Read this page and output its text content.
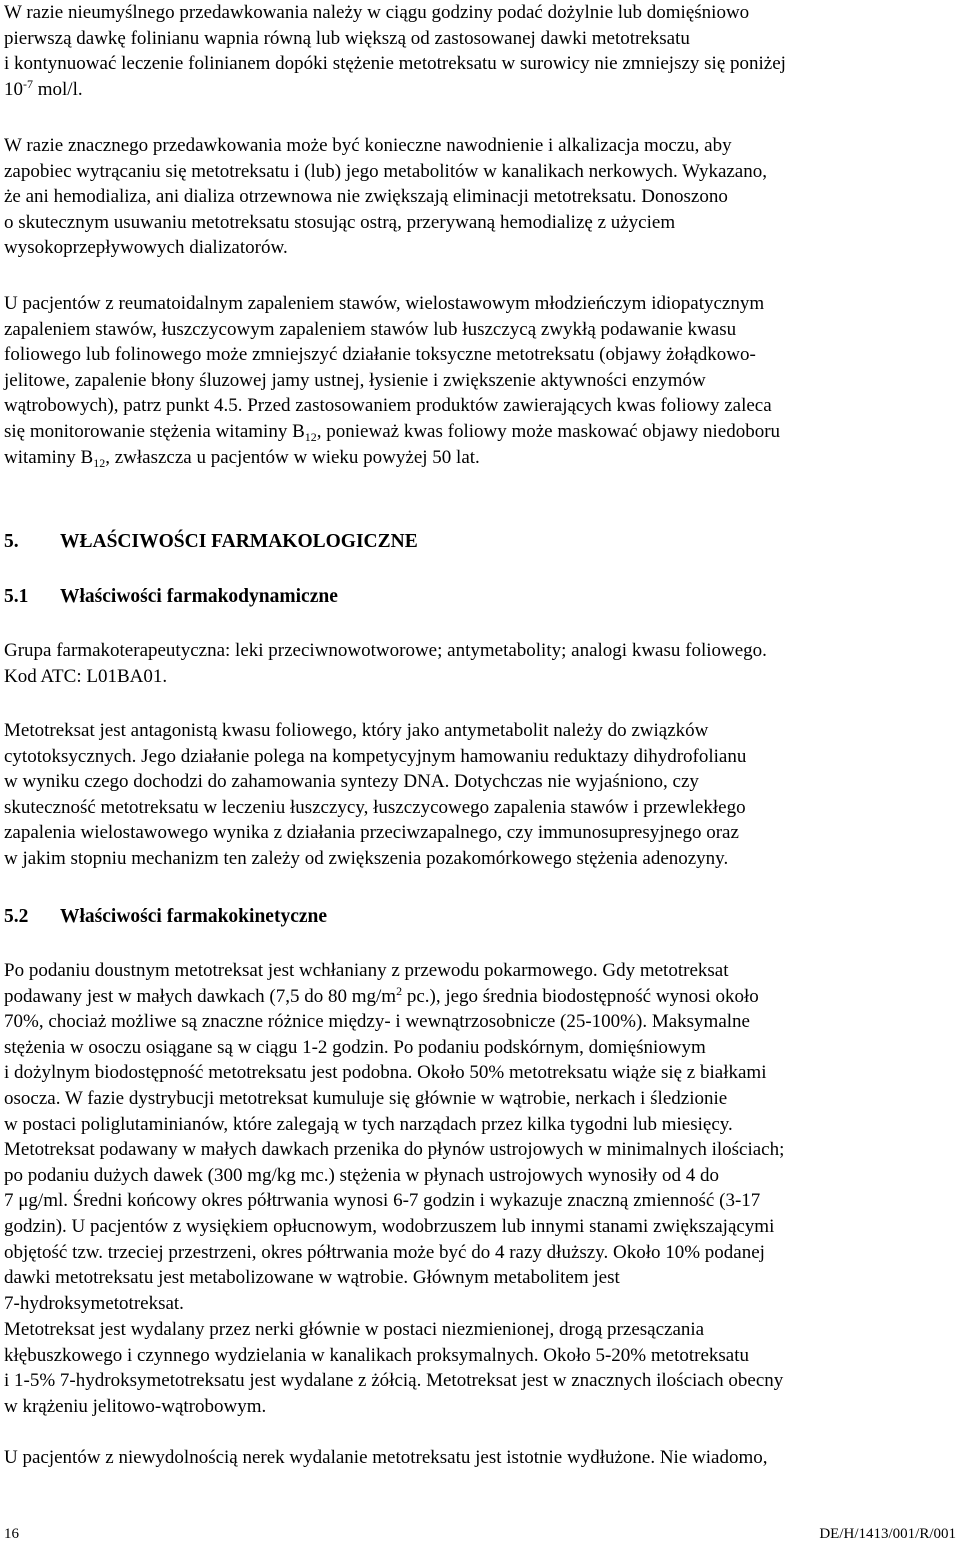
W razie nieumyślnego przedawkowania należy w ciągu godziny podać dożylnie lub domięśniowo
pierwszą dawkę folinianu wapnia równą lub większą od zastosowanej dawki metotreksatu
i kontynuować leczenie folinianem dopóki stężenie metotreksatu w surowicy nie zmniejszy się poniżej
$10^{-7}$ mol/l.
W razie znacznego przedawkowania może być konieczne nawodnienie i alkalizacja moczu, aby
zapobiec wytrącaniu się metotreksatu i (lub) jego metabolitów w kanalikach nerkowych. Wykazano,
że ani hemodializa, ani dializa otrzewnowa nie zwiększają eliminacji metotreksatu. Donoszono
o skutecznym usuwaniu metotreksatu stosując ostrą, przerywaną hemodializę z użyciem
wysokoprzepływowych dializatorów.
U pacjentów z reumatoidalnym zapaleniem stawów, wielostawowym młodzieńczym idiopatycznym
zapaleniem stawów, łuszczycowym zapaleniem stawów lub łuszczycą zwykłą podawanie kwasu
foliowego lub folinowego może zmniejszyć działanie toksyczne metotreksatu (objawy żołądkowo-
jelitowe, zapalenie błony śluzowej jamy ustnej, łysienie i zwiększenie aktywności enzymów
wątrobowych), patrz punkt 4.5. Przed zastosowaniem produktów zawierających kwas foliowy zaleca
się monitorowanie stężenia witaminy $B_{12}$, ponieważ kwas foliowy może maskować objawy niedoboru
witaminy $B_{12}$, zwłaszcza u pacjentów w wieku powyżej 50 lat.
5. WŁAŚCIWOŚCI FARMAKOLOGICZNE
5.1 Właściwości farmakodynamiczne
Grupa farmakoterapeutyczna: leki przeciwnowotworowe; antymetabolity; analogi kwasu foliowego.
Kod ATC: L01BA01.
Metotreksat jest antagonistą kwasu foliowego, który jako antymetabolit należy do związków
cytotoksycznych. Jego działanie polega na kompetycyjnym hamowaniu reduktazy dihydrofolianu
w wyniku czego dochodzi do zahamowania syntezy DNA. Dotychczas nie wyjaśniono, czy
skuteczność metotreksatu w leczeniu łuszczycy, łuszczycowego zapalenia stawów i przewlekłego
zapalenia wielostawowego wynika z działania przeciwzapalnego, czy immunosupresyjnego oraz
w jakim stopniu mechanizm ten zależy od zwiększenia pozakomórkowego stężenia adenozyny.
5.2 Właściwości farmakokinetyczne
Po podaniu doustnym metotreksat jest wchłaniany z przewodu pokarmowego. Gdy metotreksat
podawany jest w małych dawkach (7,5 do 80 $mg/m^2$ pc.), jego średnia biodostępność wynosi około
70%, chociaż możliwe są znaczne różnice między- i wewnątrzosobnicze (25-100%). Maksymalne
stężenia w osoczu osiągane są w ciągu 1-2 godzin. Po podaniu podskórnym, domięśniowym
i dożylnym biodostępność metotreksatu jest podobna. Około 50% metotreksatu wiąże się z białkami
osocza. W fazie dystrybucji metotreksat kumuluje się głównie w wątrobie, nerkach i śledzionie
w postaci poliglutaminianów, które zalegają w tych narządach przez kilka tygodni lub miesięcy.
Metotreksat podawany w małych dawkach przenika do płynów ustrojowych w minimalnych ilościach;
po podaniu dużych dawek (300 mg/kg mc.) stężenia w płynach ustrojowych wynosiły od 4 do
7 μg/ml. Średni końcowy okres półtrwania wynosi 6-7 godzin i wykazuje znaczną zmienność (3-17
godzin). U pacjentów z wysiękiem opłucnowym, wodobrzuszem lub innymi stanami zwiększającymi
objętość tzw. trzeciej przestrzeni, okres półtrwania może być do 4 razy dłuższy. Około 10% podanej
dawki metotreksatu jest metabolizowane w wątrobie. Głównym metabolitem jest
7-hydroksymetotreksat.
Metotreksat jest wydalany przez nerki głównie w postaci niezmienionej, drogą przesączania
kłębuszkowego i czynnego wydzielania w kanalikach proksymalnych. Około 5-20% metotreksatu
i 1-5% 7-hydroksymetotreksatu jest wydalane z żółcią. Metotreksat jest w znacznych ilościach obecny
w krążeniu jelitowo-wątrobowym.
U pacjentów z niewydolnością nerek wydalanie metotreksatu jest istotnie wydłużone. Nie wiadomo,
16	DE/H/1413/001/R/001
